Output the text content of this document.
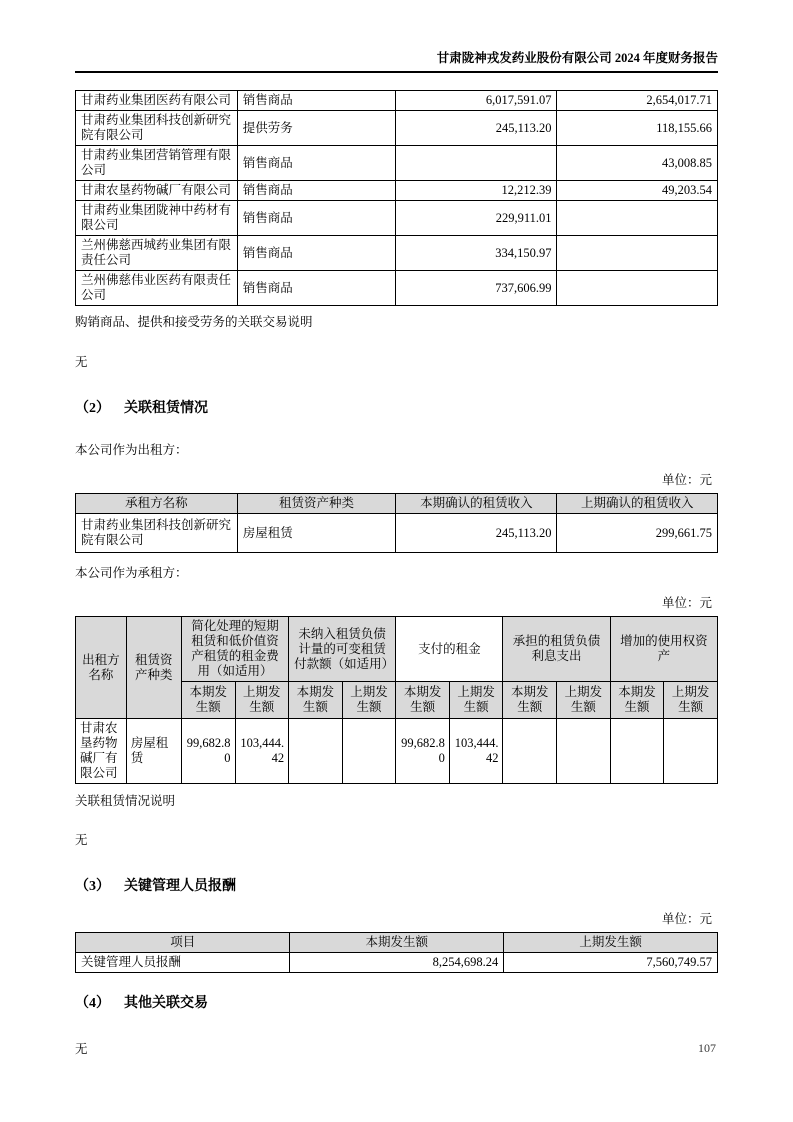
甘肃陇神戎发药业股份有限公司 2024 年度财务报告
甘肃药业集团医药有限公司	销售商品	6,017,591.07	2,654,017.71
甘肃药业集团科技创新研究院有限公司	提供劳务	245,113.20	118,155.66
甘肃药业集团营销管理有限公司	销售商品		43,008.85
甘肃农垦药物碱厂有限公司	销售商品	12,212.39	49,203.54
甘肃药业集团陇神中药材有限公司	销售商品	229,911.01	
兰州佛慈西城药业集团有限责任公司	销售商品	334,150.97	
兰州佛慈伟业医药有限责任公司	销售商品	737,606.99	

购销商品、提供和接受劳务的关联交易说明

无

（2） 关联租赁情况

本公司作为出租方：

单位：元
承租方名称	租赁资产种类	本期确认的租赁收入	上期确认的租赁收入
甘肃药业集团科技创新研究院有限公司	房屋租赁	245,113.20	299,661.75

本公司作为承租方：

单位：元
出租方名称	租赁资产种类	简化处理的短期租赁和低价值资产租赁的租金费用（如适用）		未纳入租赁负债计量的可变租赁付款额（如适用）		支付的租金		承担的租赁负债利息支出		增加的使用权资产	
		本期发生额	上期发生额	本期发生额	上期发生额	本期发生额	上期发生额	本期发生额	上期发生额	本期发生额	上期发生额
甘肃农垦药物碱厂有限公司	房屋租赁	99,682.80	103,444.42			99,682.80	103,444.42				

关联租赁情况说明

无

（3） 关键管理人员报酬
单位：元
项目	本期发生额	上期发生额
关键管理人员报酬	8,254,698.24	7,560,749.57
（4） 其他关联交易

无	107
